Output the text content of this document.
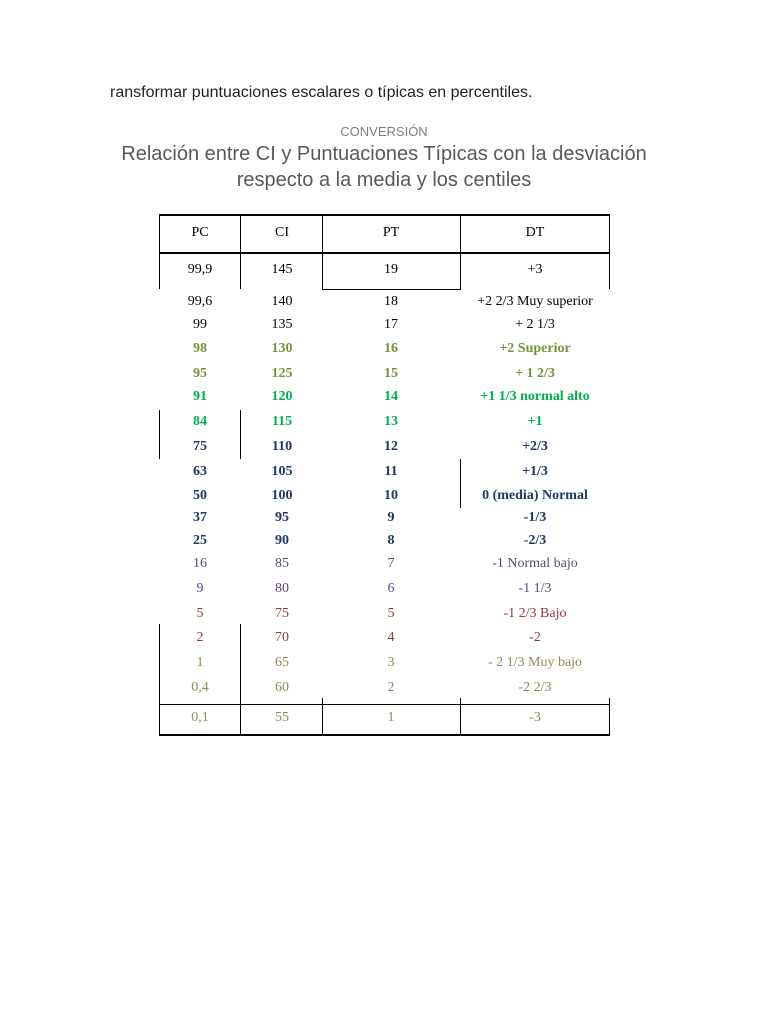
ransformar puntuaciones escalares o típicas en percentiles.
CONVERSIÓN
Relación entre CI y Puntuaciones Típicas con la desviación
respecto a la media y los centiles
PC	CI	PT	DT
99,9	145	19	+3
99,6	140	18	+2 2/3 Muy superior
99	135	17	+ 2 1/3
98	130	16	+2 Superior
95	125	15	+ 1 2/3
91	120	14	+1 1/3 normal alto
84	115	13	+1
75	110	12	+2/3
63	105	11	+1/3
50	100	10	0 (media) Normal
37	95	9	-1/3
25	90	8	-2/3
16	85	7	-1 Normal bajo
9	80	6	-1 1/3
5	75	5	-1 2/3 Bajo
2	70	4	-2
1	65	3	- 2 1/3 Muy bajo
0,4	60	2	-2 2/3
0,1	55	1	-3
